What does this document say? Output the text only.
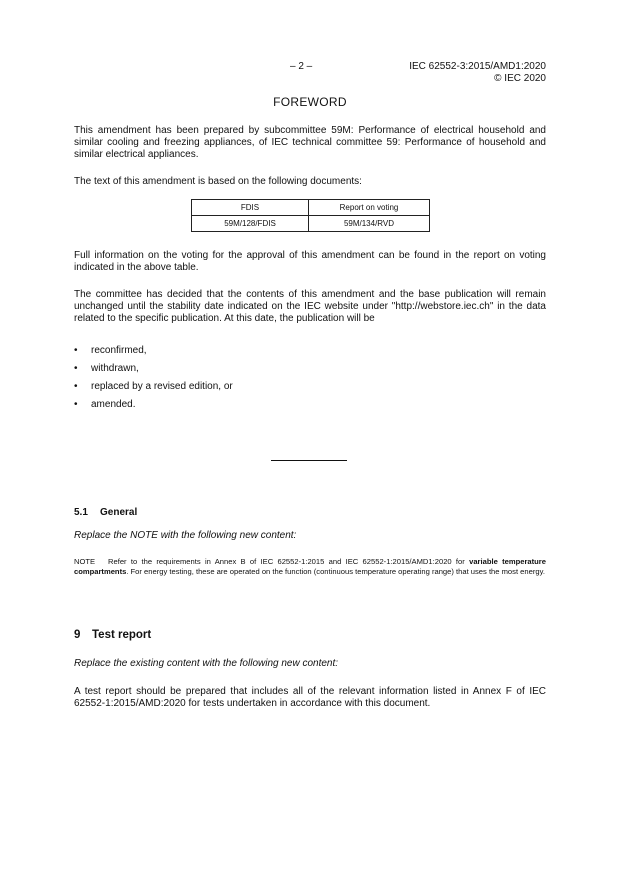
– 2 –	IEC 62552-3:2015/AMD1:2020
© IEC 2020
FOREWORD
This amendment has been prepared by subcommittee 59M: Performance of electrical household and similar cooling and freezing appliances, of IEC technical committee 59: Performance of household and similar electrical appliances.
The text of this amendment is based on the following documents:
FDIS	Report on voting
59M/128/FDIS	59M/134/RVD
Full information on the voting for the approval of this amendment can be found in the report on voting indicated in the above table.
The committee has decided that the contents of this amendment and the base publication will remain unchanged until the stability date indicated on the IEC website under "http://webstore.iec.ch" in the data related to the specific publication. At this date, the publication will be
• reconfirmed,
• withdrawn,
• replaced by a revised edition, or
• amended.
5.1 General
Replace the NOTE with the following new content:
NOTE Refer to the requirements in Annex B of IEC 62552-1:2015 and IEC 62552-1:2015/AMD1:2020 for variable temperature compartments. For energy testing, these are operated on the function (continuous temperature operating range) that uses the most energy.
9 Test report
Replace the existing content with the following new content:
A test report should be prepared that includes all of the relevant information listed in Annex F of IEC 62552-1:2015/AMD:2020 for tests undertaken in accordance with this document.
